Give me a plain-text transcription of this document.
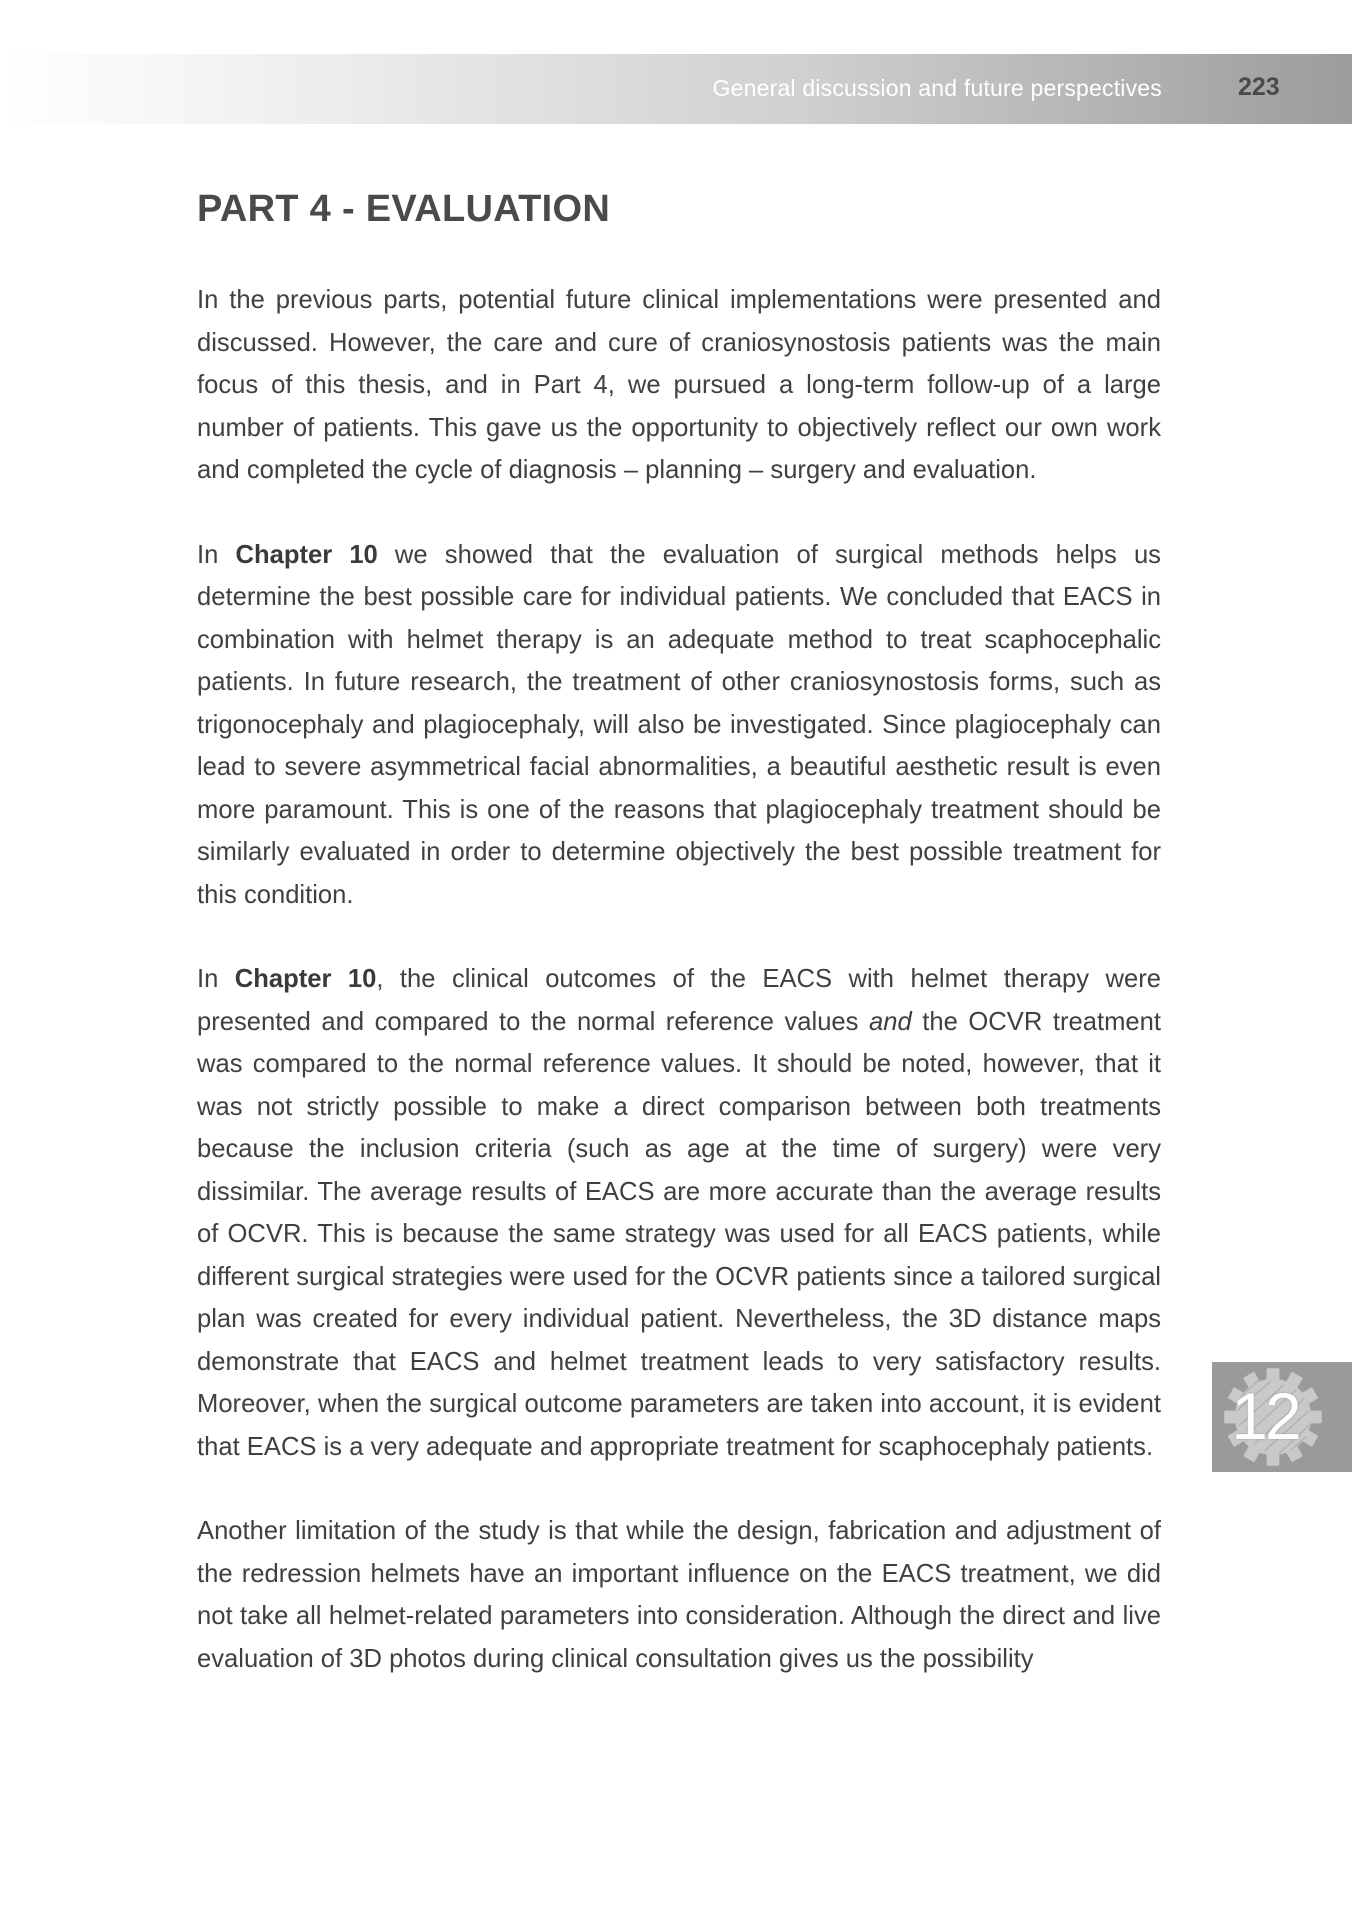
General discussion and future perspectives	223
PART 4 - EVALUATION

In the previous parts, potential future clinical implementations were presented and discussed. However, the care and cure of craniosynostosis patients was the main focus of this thesis, and in Part 4, we pursued a long-term follow-up of a large number of patients. This gave us the opportunity to objectively reflect our own work and completed the cycle of diagnosis – planning – surgery and evaluation.

In Chapter 10 we showed that the evaluation of surgical methods helps us determine the best possible care for individual patients. We concluded that EACS in combination with helmet therapy is an adequate method to treat scaphocephalic patients. In future research, the treatment of other craniosynostosis forms, such as trigonocephaly and plagiocephaly, will also be investigated. Since plagiocephaly can lead to severe asymmetrical facial abnormalities, a beautiful aesthetic result is even more paramount. This is one of the reasons that plagiocephaly treatment should be similarly evaluated in order to determine objectively the best possible treatment for this condition.

In Chapter 10, the clinical outcomes of the EACS with helmet therapy were presented and compared to the normal reference values and the OCVR treatment was compared to the normal reference values. It should be noted, however, that it was not strictly possible to make a direct comparison between both treatments because the inclusion criteria (such as age at the time of surgery) were very dissimilar. The average results of EACS are more accurate than the average results of OCVR. This is because the same strategy was used for all EACS patients, while different surgical strategies were used for the OCVR patients since a tailored surgical plan was created for every individual patient. Nevertheless, the 3D distance maps demonstrate that EACS and helmet treatment leads to very satisfactory results. Moreover, when the surgical outcome parameters are taken into account, it is evident that EACS is a very adequate and appropriate treatment for scaphocephaly patients.

Another limitation of the study is that while the design, fabrication and adjustment of the redression helmets have an important influence on the EACS treatment, we did not take all helmet-related parameters into consideration. Although the direct and live evaluation of 3D photos during clinical consultation gives us the possibility

12
